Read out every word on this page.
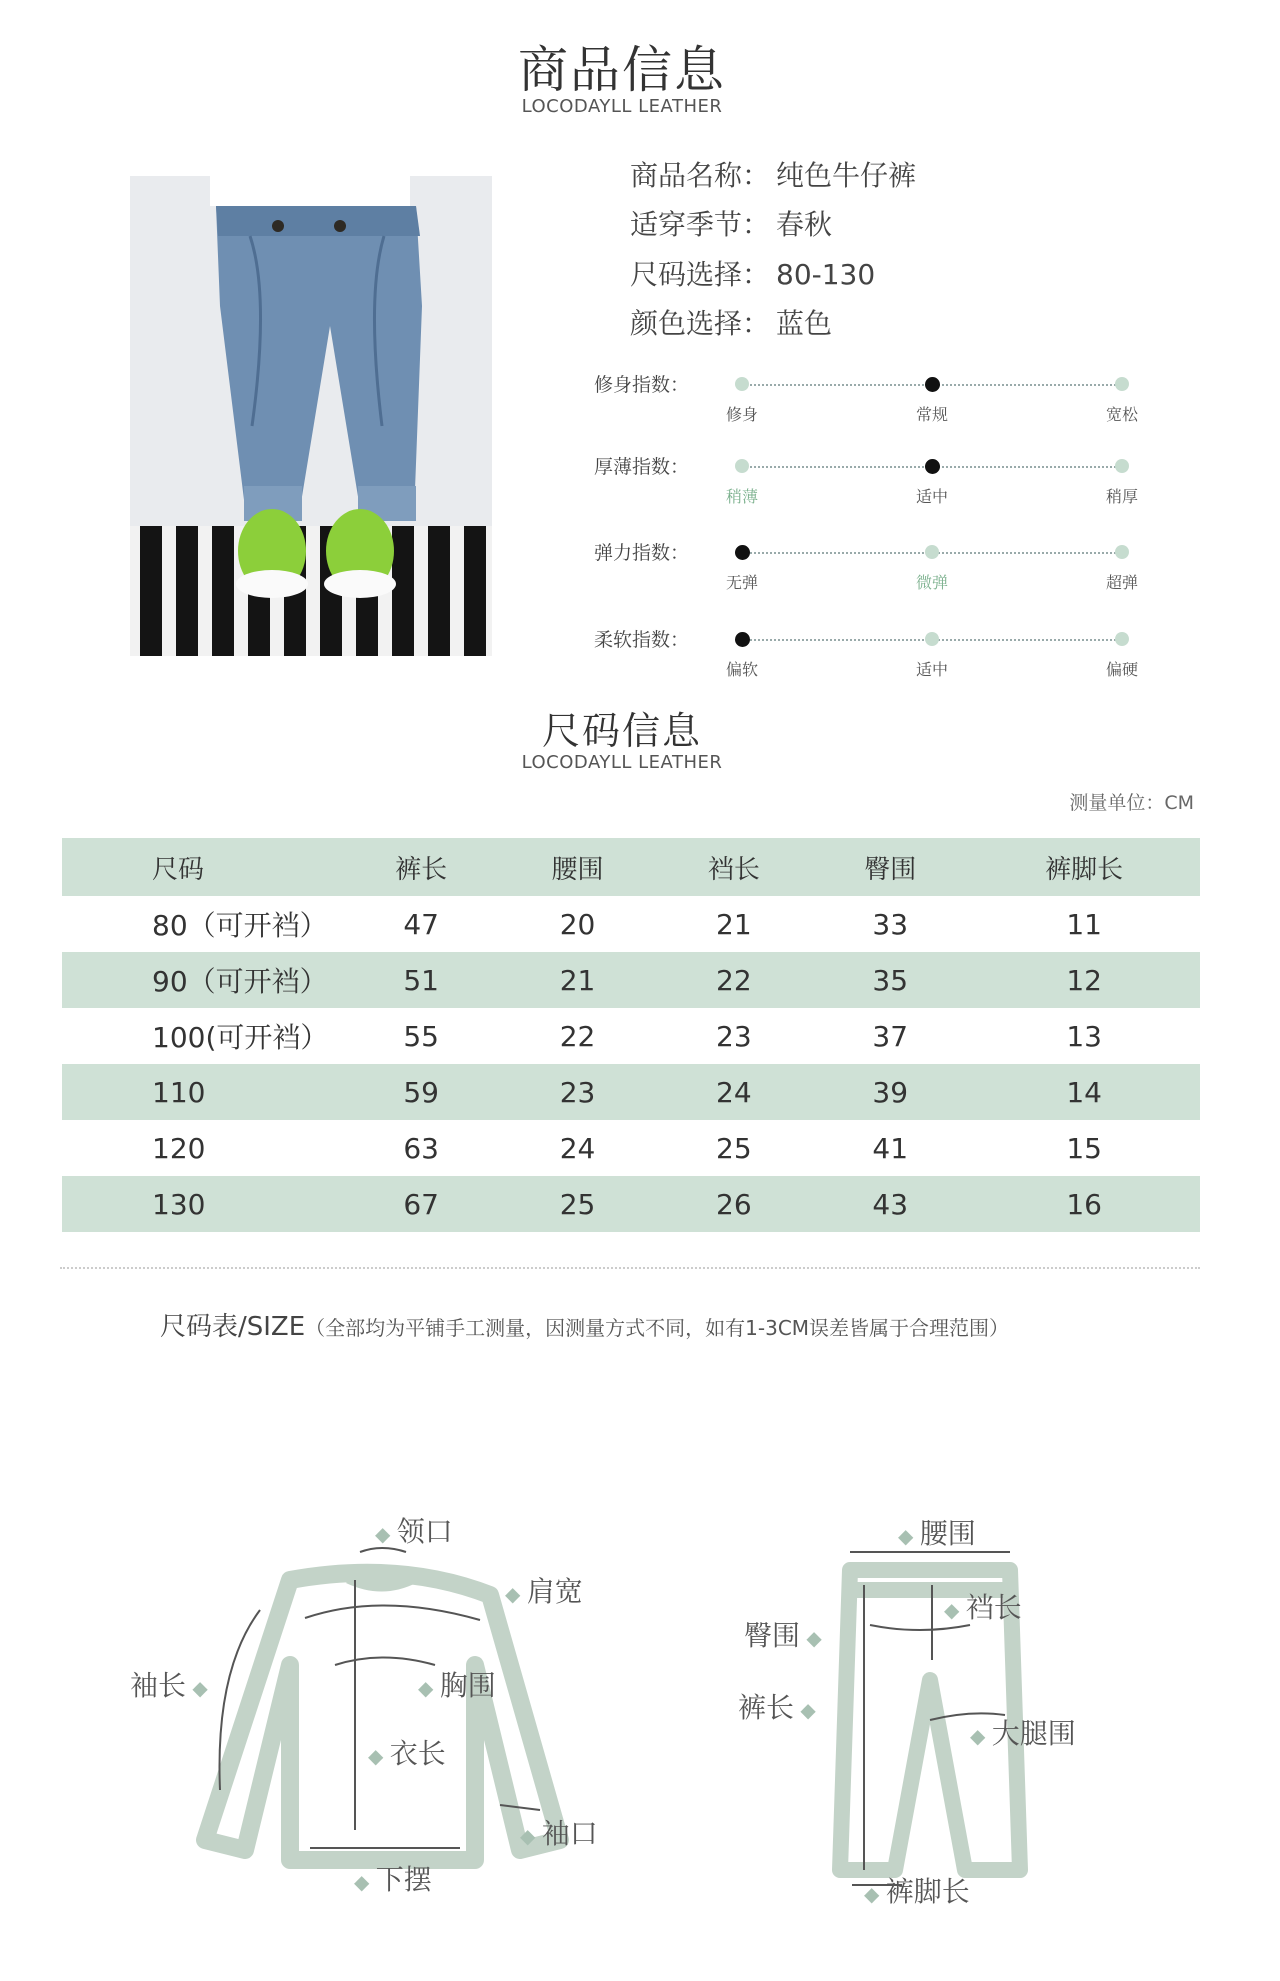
商品信息
LOCODAYLL LEATHER
商品名称： 纯色牛仔裤
适穿季节： 春秋
尺码选择： 80-130
颜色选择： 蓝色
修身指数：
修身	常规	宽松
厚薄指数：
稍薄	适中	稍厚
弹力指数：
无弹	微弹	超弹
柔软指数：
偏软	适中	偏硬
尺码信息
LOCODAYLL LEATHER
测量单位：CM
尺码	裤长	腰围	裆长	臀围	裤脚长
80（可开裆）	47	20	21	33	11
90（可开裆）	51	21	22	35	12
100(可开裆）	55	22	23	37	13
110	59	23	24	39	14
120	63	24	25	41	15
130	67	25	26	43	16
尺码表/SIZE（全部均为平铺手工测量，因测量方式不同，如有1-3CM误差皆属于合理范围）
◆ 领口
◆ 肩宽
袖长 ◆	◆ 胸围
◆ 衣长
◆ 袖口
◆ 下摆
◆ 腰围
◆ 裆长
臀围 ◆
裤长 ◆
◆ 大腿围
◆ 裤脚长
